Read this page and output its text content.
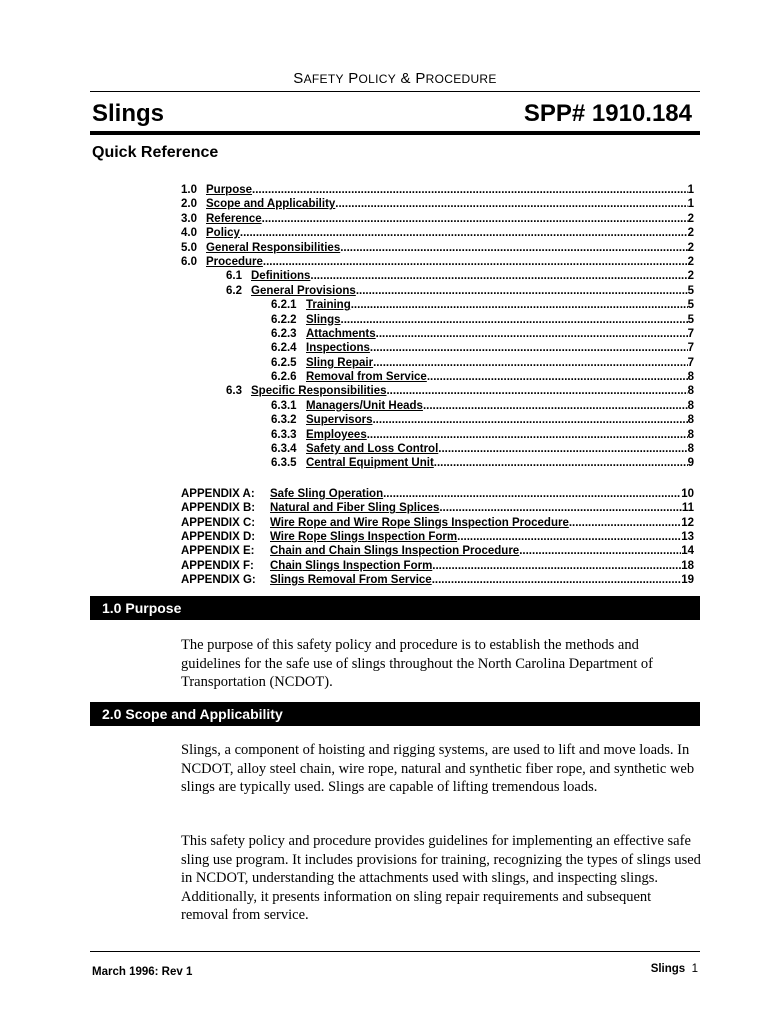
SAFETY POLICY & PROCEDURE
Slings	SPP# 1910.184
Quick Reference
1.0 Purpose .....	1
2.0 Scope and Applicability .....	1
3.0 Reference .....	2
4.0 Policy .....	2
5.0 General Responsibilities .....	2
6.0 Procedure .....	2
6.1 Definitions .....	2
6.2 General Provisions .....	5
6.2.1 Training .....	5
6.2.2 Slings .....	5
6.2.3 Attachments .....	7
6.2.4 Inspections .....	7
6.2.5 Sling Repair .....	7
6.2.6 Removal from Service .....	8
6.3 Specific Responsibilities .....	8
6.3.1 Managers/Unit Heads .....	8
6.3.2 Supervisors .....	8
6.3.3 Employees .....	8
6.3.4 Safety and Loss Control .....	8
6.3.5 Central Equipment Unit .....	9
APPENDIX A:	Safe Sling Operation .....	10
APPENDIX B:	Natural and Fiber Sling Splices .....	11
APPENDIX C:	Wire Rope and Wire Rope Slings Inspection Procedure .....	12
APPENDIX D:	Wire Rope Slings Inspection Form .....	13
APPENDIX E:	Chain and Chain Slings Inspection Procedure .....	14
APPENDIX F:	Chain Slings Inspection Form .....	18
APPENDIX G:	Slings Removal From Service .....	19
1.0 Purpose
The purpose of this safety policy and procedure is to establish the methods and guidelines for the safe use of slings throughout the North Carolina Department of Transportation (NCDOT).
2.0 Scope and Applicability
Slings, a component of hoisting and rigging systems, are used to lift and move loads. In NCDOT, alloy steel chain, wire rope, natural and synthetic fiber rope, and synthetic web slings are typically used. Slings are capable of lifting tremendous loads.
This safety policy and procedure provides guidelines for implementing an effective safe sling use program. It includes provisions for training, recognizing the types of slings used in NCDOT, understanding the attachments used with slings, and inspecting slings. Additionally, it presents information on sling repair requirements and subsequent removal from service.
March 1996: Rev 1	Slings 1
